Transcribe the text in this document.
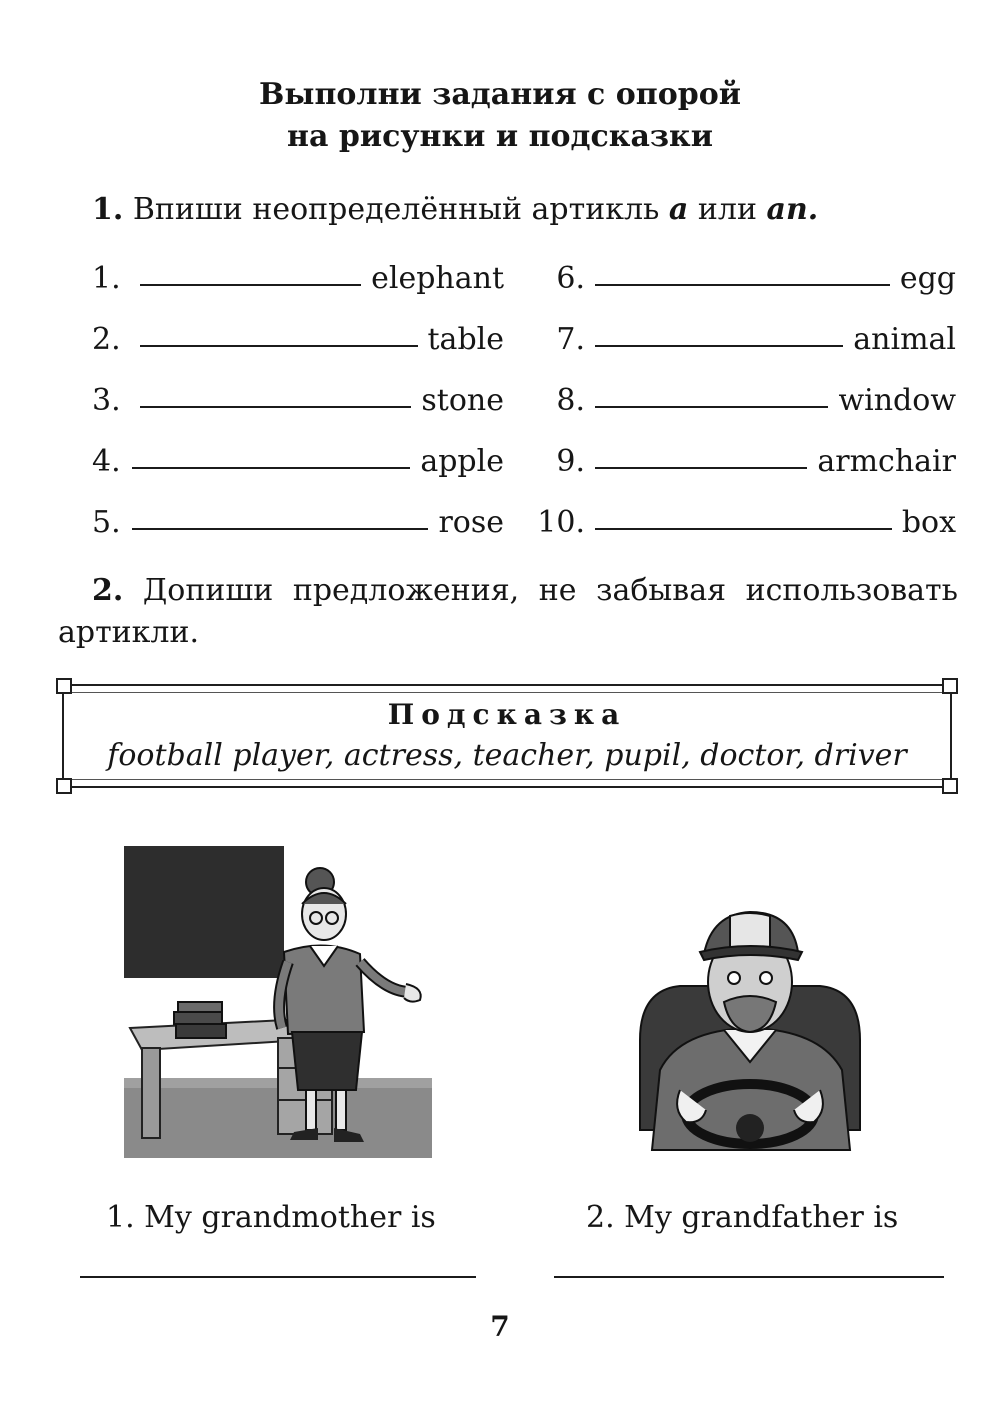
Выполни задания с опорой
на рисунки и подсказки
1. Впиши неопределённый артикль a или an.
1.	elephant
2.	table
3.	stone
4.	apple
5.	rose
6.	egg
7.	animal
8.	window
9.	armchair
10.	box
2. Допиши предложения, не забывая использовать
артикли.
Подсказка
football player, actress, teacher, pupil, doctor, driver
1. My grandmother is	2. My grandfather is
7
